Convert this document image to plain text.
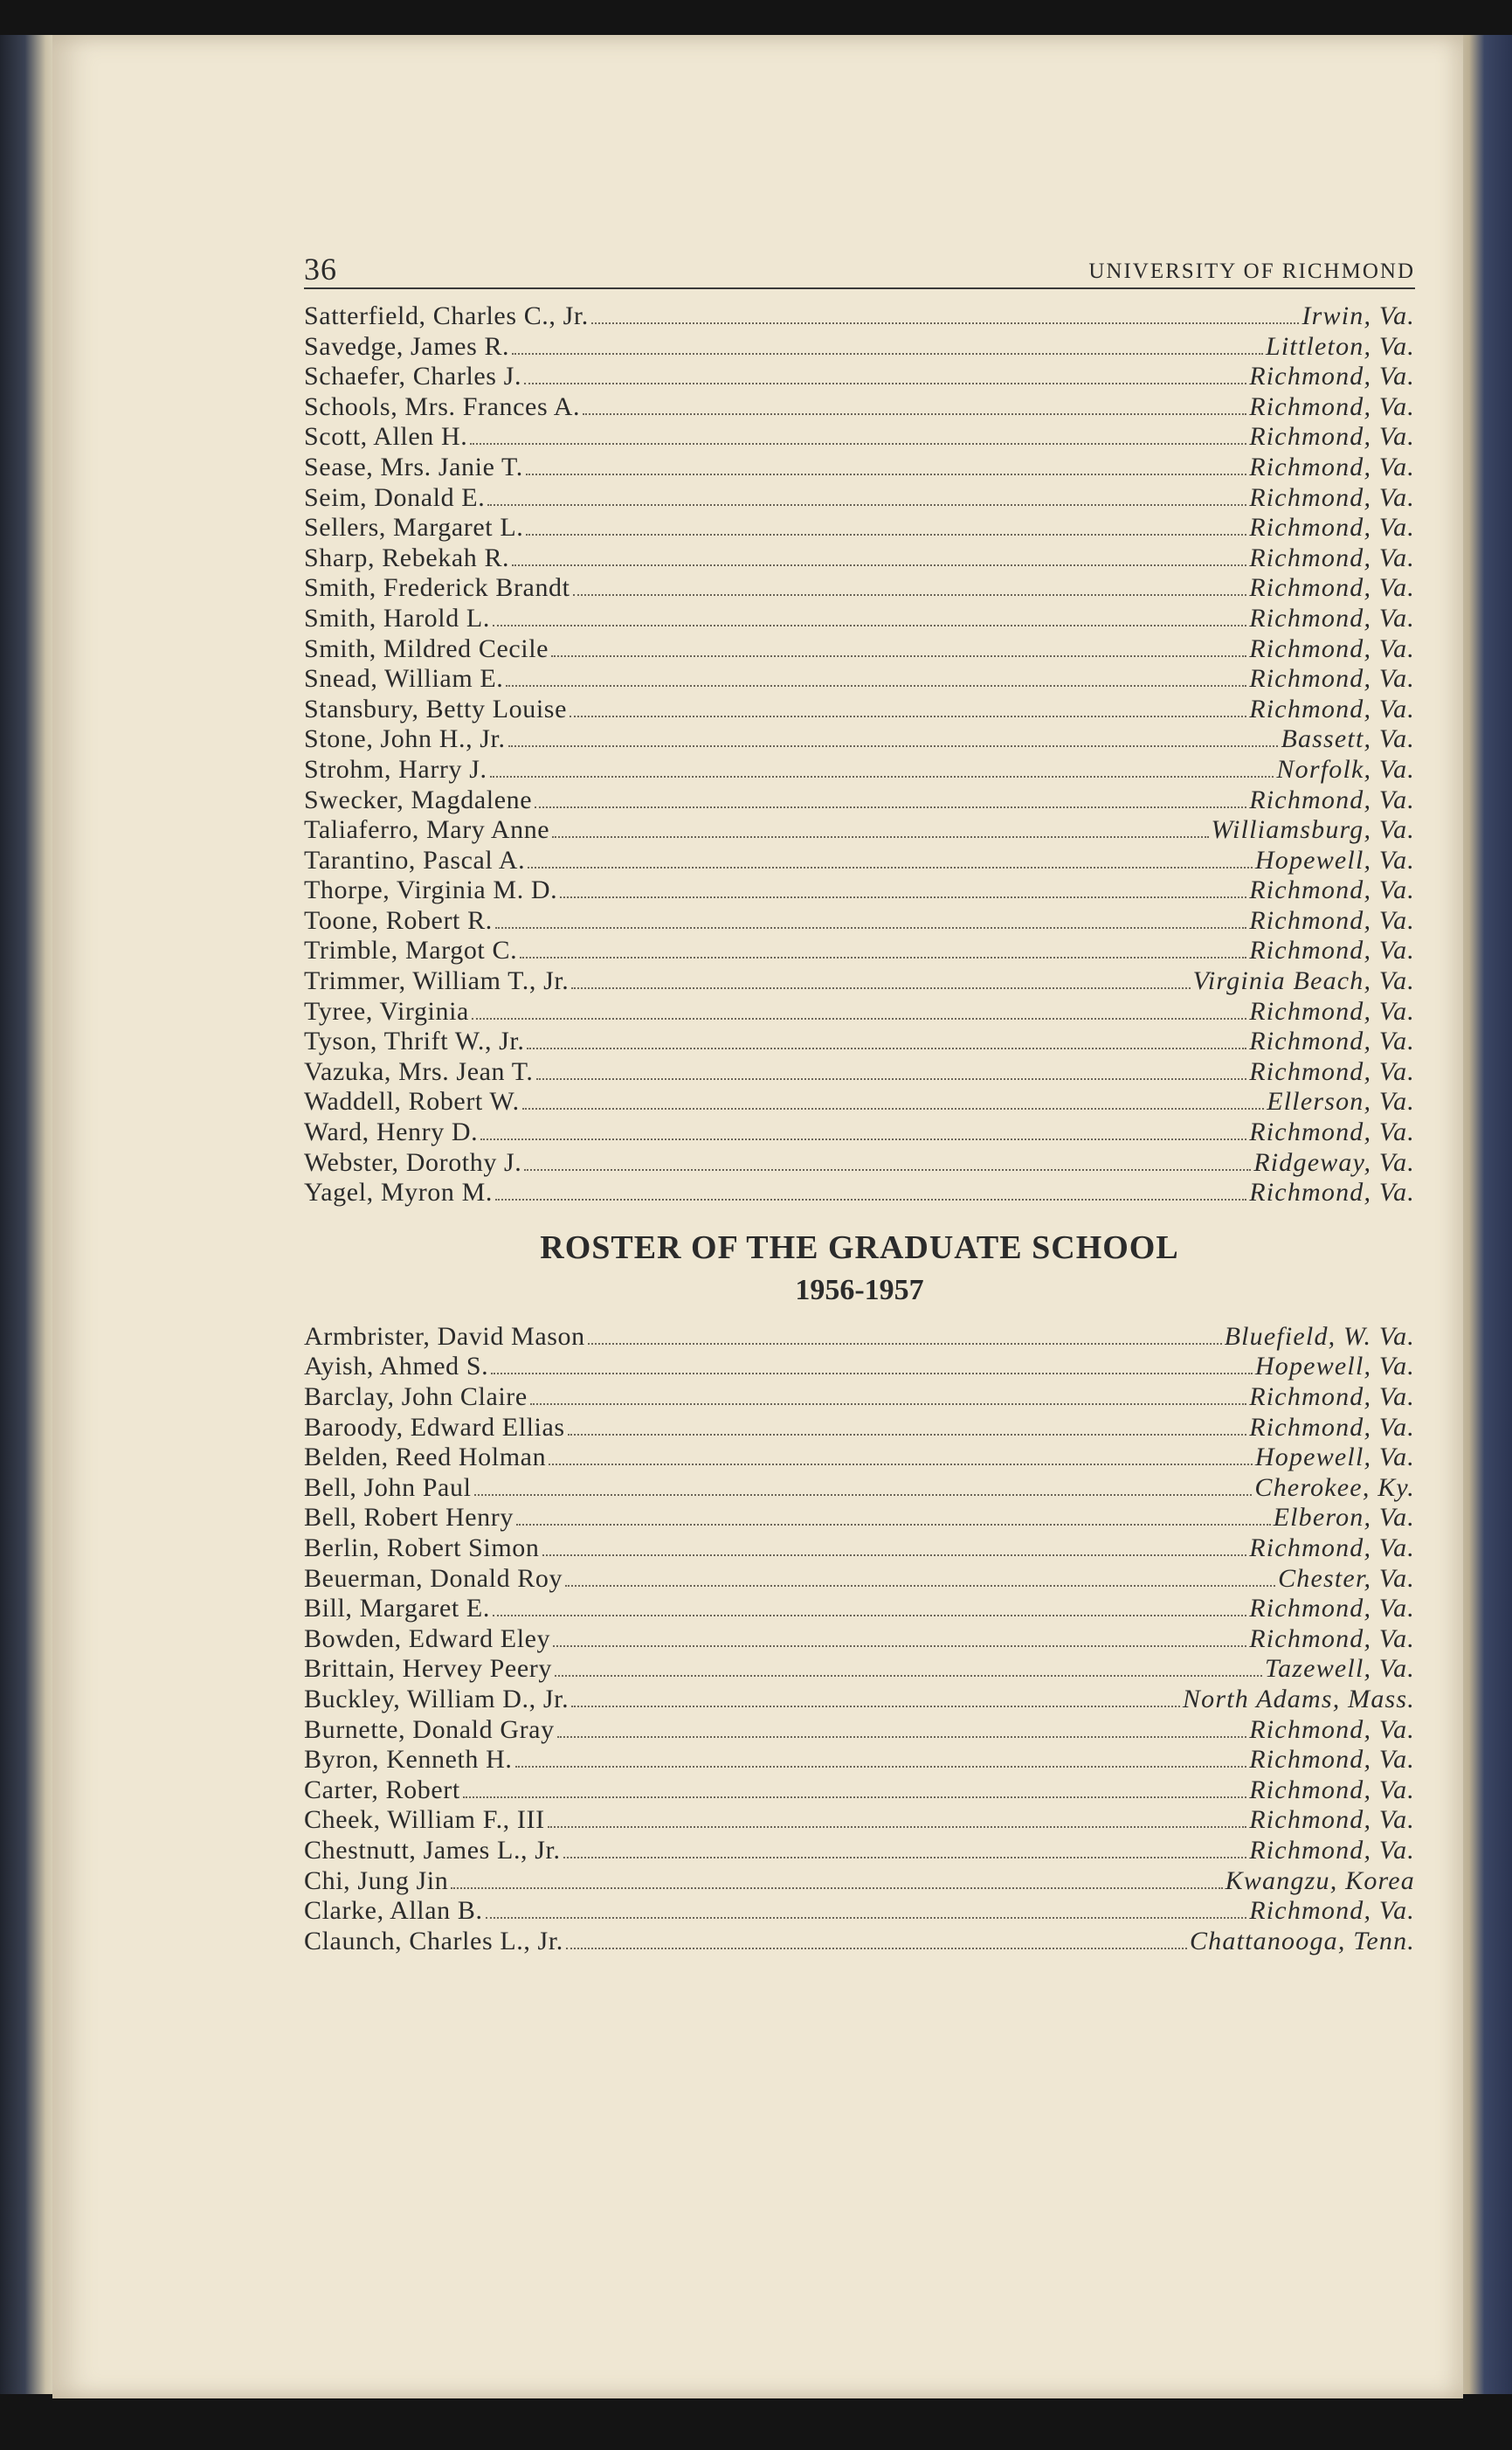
36	UNIVERSITY OF RICHMOND
Satterfield, Charles C., Jr.	Irwin, Va.
Savedge, James R.	Littleton, Va.
Schaefer, Charles J.	Richmond, Va.
Schools, Mrs. Frances A.	Richmond, Va.
Scott, Allen H.	Richmond, Va.
Sease, Mrs. Janie T.	Richmond, Va.
Seim, Donald E.	Richmond, Va.
Sellers, Margaret L.	Richmond, Va.
Sharp, Rebekah R.	Richmond, Va.
Smith, Frederick Brandt	Richmond, Va.
Smith, Harold L.	Richmond, Va.
Smith, Mildred Cecile	Richmond, Va.
Snead, William E.	Richmond, Va.
Stansbury, Betty Louise	Richmond, Va.
Stone, John H., Jr.	Bassett, Va.
Strohm, Harry J.	Norfolk, Va.
Swecker, Magdalene	Richmond, Va.
Taliaferro, Mary Anne	Williamsburg, Va.
Tarantino, Pascal A.	Hopewell, Va.
Thorpe, Virginia M. D.	Richmond, Va.
Toone, Robert R.	Richmond, Va.
Trimble, Margot C.	Richmond, Va.
Trimmer, William T., Jr.	Virginia Beach, Va.
Tyree, Virginia	Richmond, Va.
Tyson, Thrift W., Jr.	Richmond, Va.
Vazuka, Mrs. Jean T.	Richmond, Va.
Waddell, Robert W.	Ellerson, Va.
Ward, Henry D.	Richmond, Va.
Webster, Dorothy J.	Ridgeway, Va.
Yagel, Myron M.	Richmond, Va.
ROSTER OF THE GRADUATE SCHOOL
1956-1957
Armbrister, David Mason	Bluefield, W. Va.
Ayish, Ahmed S.	Hopewell, Va.
Barclay, John Claire	Richmond, Va.
Baroody, Edward Ellias	Richmond, Va.
Belden, Reed Holman	Hopewell, Va.
Bell, John Paul	Cherokee, Ky.
Bell, Robert Henry	Elberon, Va.
Berlin, Robert Simon	Richmond, Va.
Beuerman, Donald Roy	Chester, Va.
Bill, Margaret E.	Richmond, Va.
Bowden, Edward Eley	Richmond, Va.
Brittain, Hervey Peery	Tazewell, Va.
Buckley, William D., Jr.	North Adams, Mass.
Burnette, Donald Gray	Richmond, Va.
Byron, Kenneth H.	Richmond, Va.
Carter, Robert	Richmond, Va.
Cheek, William F., III	Richmond, Va.
Chestnutt, James L., Jr.	Richmond, Va.
Chi, Jung Jin	Kwangzu, Korea
Clarke, Allan B.	Richmond, Va.
Claunch, Charles L., Jr.	Chattanooga, Tenn.
